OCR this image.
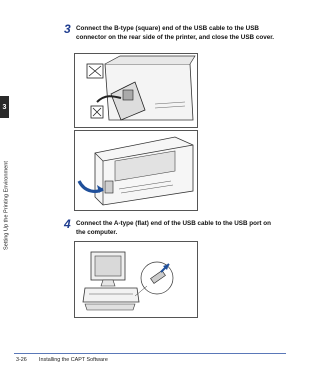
3
Setting Up the Printing Environment
3 Connect the B-type (square) end of the USB cable to the USB connector on the rear side of the printer, and close the USB cover.
4 Connect the A-type (flat) end of the USB cable to the USB port on the computer.
3-26 Installing the CAPT Software
